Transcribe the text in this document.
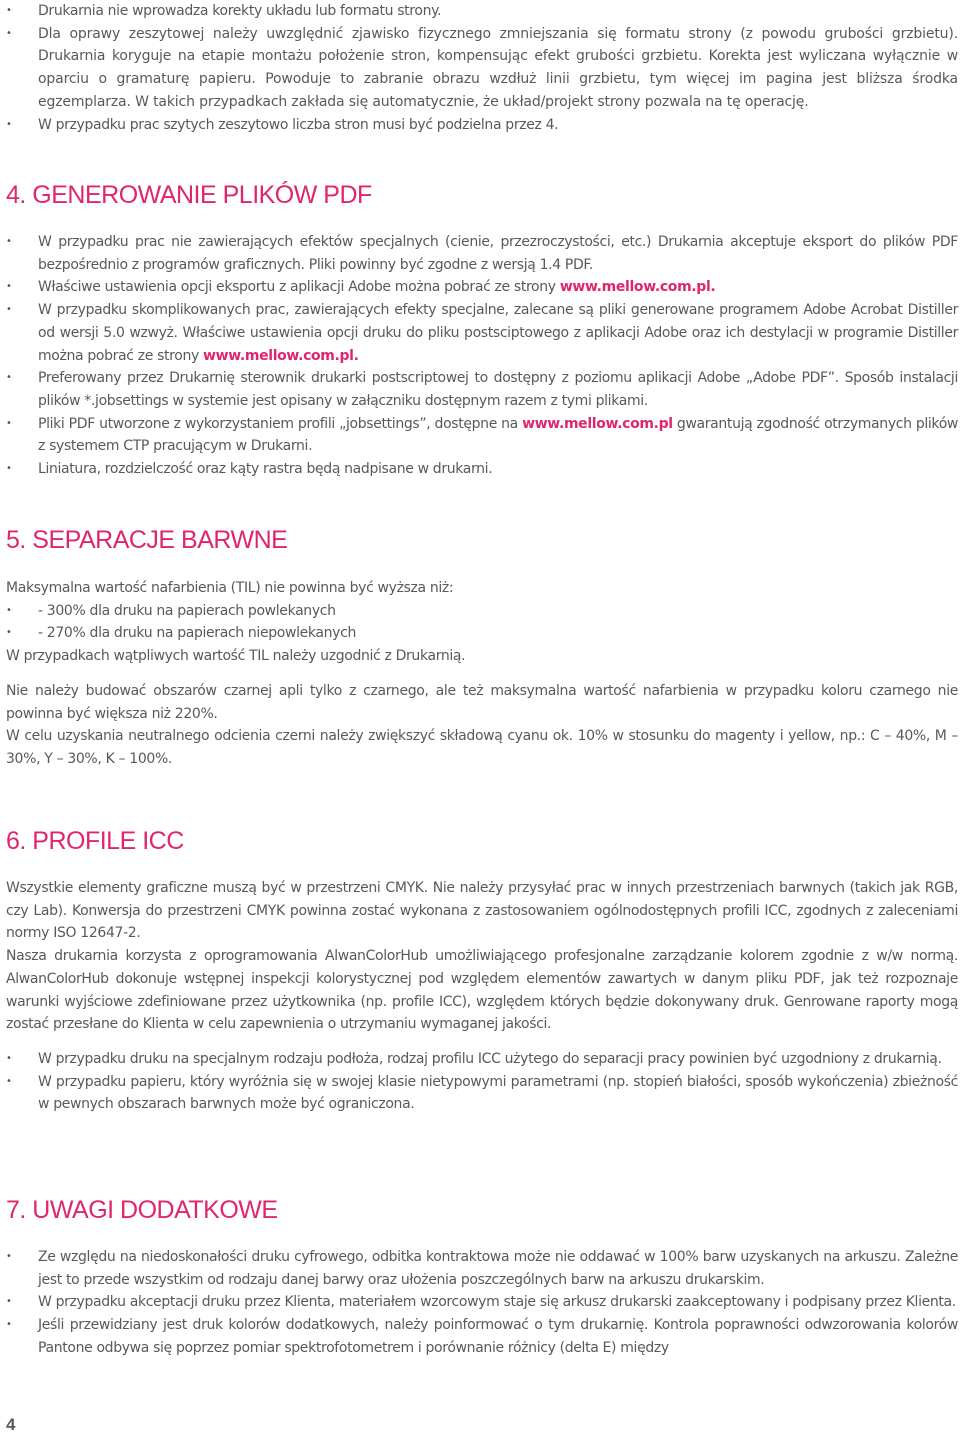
• Drukarnia nie wprowadza korekty układu lub formatu strony.
• Dla oprawy zeszytowej należy uwzględnić zjawisko fizycznego zmniejszania się formatu strony (z powodu grubości grzbietu). Drukarnia koryguje na etapie montażu położenie stron, kompensując efekt grubości grzbietu. Korekta jest wyliczana wyłącznie w oparciu o gramaturę papieru. Powoduje to zabranie obrazu wzdłuż linii grzbietu, tym więcej im pagina jest bliższa środka egzemplarza. W takich przypadkach zakłada się automatycznie, że układ/projekt strony pozwala na tę operację.
• W przypadku prac szytych zeszytowo liczba stron musi być podzielna przez 4.
4. GENEROWANIE PLIKÓW PDF
• W przypadku prac nie zawierających efektów specjalnych (cienie, przezroczystości, etc.) Drukarnia akceptuje eksport do plików PDF bezpośrednio z programów graficznych. Pliki powinny być zgodne z wersją 1.4 PDF.
• Właściwe ustawienia opcji eksportu z aplikacji Adobe można pobrać ze strony www.mellow.com.pl.
• W przypadku skomplikowanych prac, zawierających efekty specjalne, zalecane są pliki generowane programem Adobe Acrobat Distiller od wersji 5.0 wzwyż. Właściwe ustawienia opcji druku do pliku postsciptowego z aplikacji Adobe oraz ich destylacji w programie Distiller można pobrać ze strony www.mellow.com.pl.
• Preferowany przez Drukarnię sterownik drukarki postscriptowej to dostępny z poziomu aplikacji Adobe „Adobe PDF”. Sposób instalacji plików *.jobsettings w systemie jest opisany w załączniku dostępnym razem z tymi plikami.
• Pliki PDF utworzone z wykorzystaniem profili „jobsettings”, dostępne na www.mellow.com.pl gwarantują zgodność otrzymanych plików z systemem CTP pracującym w Drukarni.
• Liniatura, rozdzielczość oraz kąty rastra będą nadpisane w drukarni.
5. SEPARACJE BARWNE

Maksymalna wartość nafarbienia (TIL) nie powinna być wyższa niż:

• - 300% dla druku na papierach powlekanych
• - 270% dla druku na papierach niepowlekanych

W przypadkach wątpliwych wartość TIL należy uzgodnić z Drukarnią.

Nie należy budować obszarów czarnej apli tylko z czarnego, ale też maksymalna wartość nafarbienia w przypadku koloru czarnego nie powinna być większa niż 220%.

W celu uzyskania neutralnego odcienia czerni należy zwiększyć składową cyanu ok. 10% w stosunku do magenty i yellow, np.: C – 40%, M – 30%, Y – 30%, K – 100%.

6. PROFILE ICC

Wszystkie elementy graficzne muszą być w przestrzeni CMYK. Nie należy przysyłać prac w innych przestrzeniach barwnych (takich jak RGB, czy Lab). Konwersja do przestrzeni CMYK powinna zostać wykonana z zastosowaniem ogólnodostępnych profili ICC, zgodnych z zaleceniami normy ISO 12647-2.

Nasza drukarnia korzysta z oprogramowania AlwanColorHub umożliwiającego profesjonalne zarządzanie kolorem zgodnie z w/w normą. AlwanColorHub dokonuje wstępnej inspekcji kolorystycznej pod względem elementów zawartych w danym pliku PDF, jak też rozpoznaje warunki wyjściowe zdefiniowane przez użytkownika (np. profile ICC), względem których będzie dokonywany druk. Genrowane raporty mogą zostać przesłane do Klienta w celu zapewnienia o utrzymaniu wymaganej jakości.

• W przypadku druku na specjalnym rodzaju podłoża, rodzaj profilu ICC użytego do separacji pracy powinien być uzgodniony z drukarnią.
• W przypadku papieru, który wyróżnia się w swojej klasie nietypowymi parametrami (np. stopień białości, sposób wykończenia) zbieżność w pewnych obszarach barwnych może być ograniczona.
7. UWAGI DODATKOWE
• Ze względu na niedoskonałości druku cyfrowego, odbitka kontraktowa może nie oddawać w 100% barw uzyskanych na arkuszu. Zależne jest to przede wszystkim od rodzaju danej barwy oraz ułożenia poszczególnych barw na arkuszu drukarskim.
• W przypadku akceptacji druku przez Klienta, materiałem wzorcowym staje się arkusz drukarski zaakceptowany i podpisany przez Klienta.
• Jeśli przewidziany jest druk kolorów dodatkowych, należy poinformować o tym drukarnię. Kontrola poprawności odwzorowania kolorów Pantone odbywa się poprzez pomiar spektrofotometrem i porównanie różnicy (delta E) między
4
